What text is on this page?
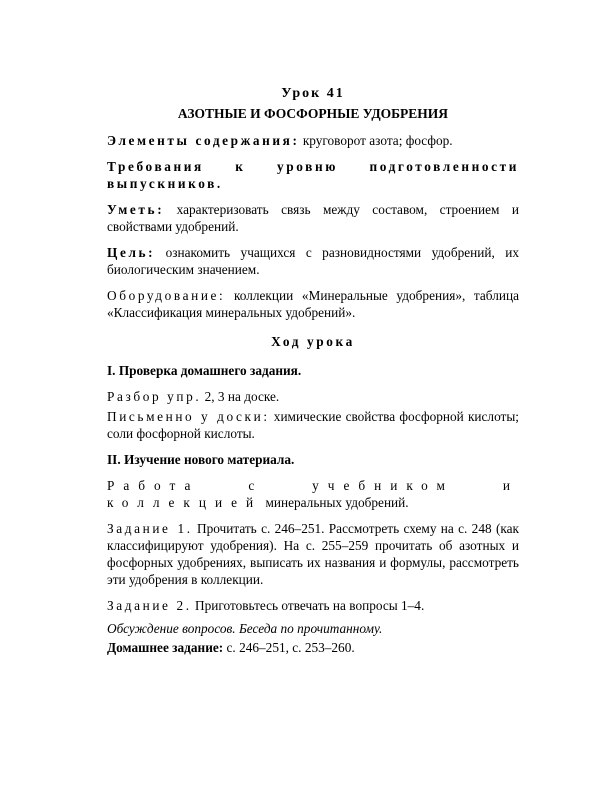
Урок 41
АЗОТНЫЕ И ФОСФОРНЫЕ УДОБРЕНИЯ

Элементы содержания: круговорот азота; фосфор.

Требования к уровню подготовленности

выпускников.

Уметь: характеризовать связь между составом, строением и свойствами удобрений.

Цель: ознакомить учащихся с разновидностями удобрений, их биологическим значением.

Оборудование: коллекции «Минеральные удобрения», таблица «Классификация минеральных удобрений».

Ход урока

I. Проверка домашнего задания.

Разбор упр. 2, 3 на доске.

Письменно у доски: химические свойства фосфорной кислоты; соли фосфорной кислоты.

II. Изучение нового материала.

Работа с учебником и коллекцией минеральных удобрений.

Задание 1. Прочитать с. 246–251. Рассмотреть схему на с. 248 (как классифицируют удобрения). На с. 255–259 прочитать об азотных и фосфорных удобрениях, выписать их названия и формулы, рассмотреть эти удобрения в коллекции.

Задание 2. Приготовьтесь отвечать на вопросы 1–4.

Обсуждение вопросов. Беседа по прочитанному.

Домашнее задание: с. 246–251, с. 253–260.
